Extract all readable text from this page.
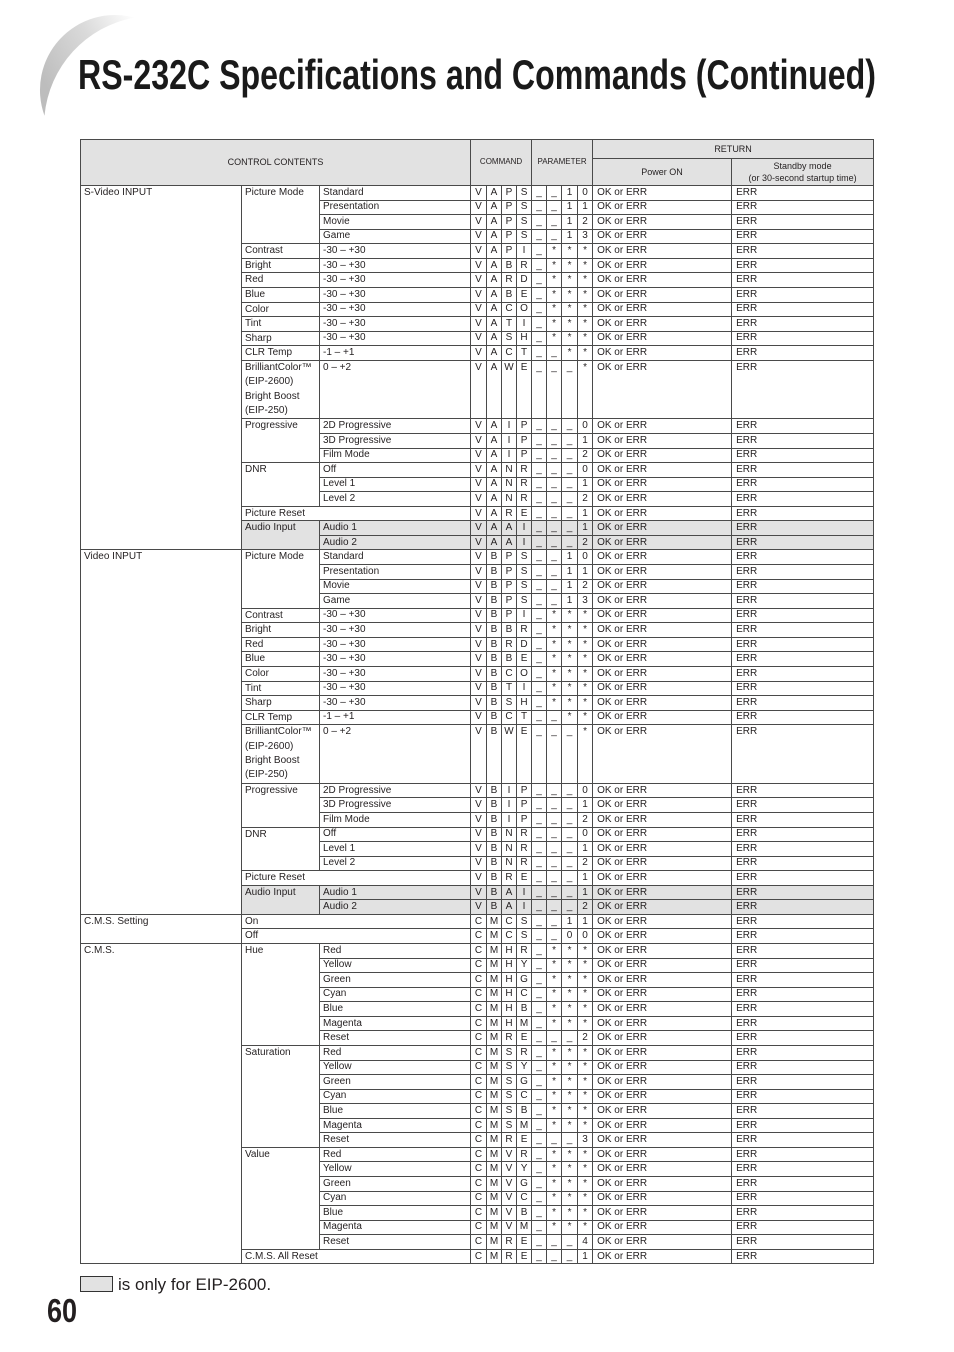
RS-232C Specifications and Commands (Continued)
CONTROL CONTENTS			COMMAND				PARAMETER				RETURN	
											Power ON	Standby mode
(or 30-second startup time)

S-Video INPUT	Picture Mode	Standard	V	A	P	S	_	_	1	0	OK or ERR	ERR
		Presentation	V	A	P	S	_	_	1	1	OK or ERR	ERR
		Movie	V	A	P	S	_	_	1	2	OK or ERR	ERR
		Game	V	A	P	S	_	_	1	3	OK or ERR	ERR
	Contrast	-30 – +30	V	A	P	I	_	*	*	*	OK or ERR	ERR
	Bright	-30 – +30	V	A	B	R	_	*	*	*	OK or ERR	ERR
	Red	-30 – +30	V	A	R	D	_	*	*	*	OK or ERR	ERR
	Blue	-30 – +30	V	A	B	E	_	*	*	*	OK or ERR	ERR
	Color	-30 – +30	V	A	C	O	_	*	*	*	OK or ERR	ERR
	Tint	-30 – +30	V	A	T	I	_	*	*	*	OK or ERR	ERR
	Sharp	-30 – +30	V	A	S	H	_	*	*	*	OK or ERR	ERR
	CLR Temp	-1 – +1	V	A	C	T	_	_	*	*	OK or ERR	ERR

	BrilliantColor™
(EIP-2600)
Bright Boost
(EIP-250)	0 – +2	V	A	W	E	_	_	_	*	OK or ERR	ERR
	Progressive	2D Progressive	V	A	I	P	_	_	_	0	OK or ERR	ERR
		3D Progressive	V	A	I	P	_	_	_	1	OK or ERR	ERR
		Film Mode	V	A	I	P	_	_	_	2	OK or ERR	ERR
	DNR	Off	V	A	N	R	_	_	_	0	OK or ERR	ERR
		Level 1	V	A	N	R	_	_	_	1	OK or ERR	ERR
		Level 2	V	A	N	R	_	_	_	2	OK or ERR	ERR
	Picture Reset		V	A	R	E	_	_	_	1	OK or ERR	ERR
	Audio Input	Audio 1	V	A	A	I	_	_	_	1	OK or ERR	ERR
		Audio 2	V	A	A	I	_	_	_	2	OK or ERR	ERR
Video INPUT	Picture Mode	Standard	V	B	P	S	_	_	1	0	OK or ERR	ERR
		Presentation	V	B	P	S	_	_	1	1	OK or ERR	ERR
		Movie	V	B	P	S	_	_	1	2	OK or ERR	ERR
		Game	V	B	P	S	_	_	1	3	OK or ERR	ERR
	Contrast	-30 – +30	V	B	P	I	_	*	*	*	OK or ERR	ERR
	Bright	-30 – +30	V	B	B	R	_	*	*	*	OK or ERR	ERR
	Red	-30 – +30	V	B	R	D	_	*	*	*	OK or ERR	ERR
	Blue	-30 – +30	V	B	B	E	_	*	*	*	OK or ERR	ERR
	Color	-30 – +30	V	B	C	O	_	*	*	*	OK or ERR	ERR
	Tint	-30 – +30	V	B	T	I	_	*	*	*	OK or ERR	ERR
	Sharp	-30 – +30	V	B	S	H	_	*	*	*	OK or ERR	ERR
	CLR Temp	-1 – +1	V	B	C	T	_	_	*	*	OK or ERR	ERR

	BrilliantColor™
(EIP-2600)
Bright Boost
(EIP-250)	0 – +2	V	B	W	E	_	_	_	*	OK or ERR	ERR
	Progressive	2D Progressive	V	B	I	P	_	_	_	0	OK or ERR	ERR
		3D Progressive	V	B	I	P	_	_	_	1	OK or ERR	ERR
		Film Mode	V	B	I	P	_	_	_	2	OK or ERR	ERR
	DNR	Off	V	B	N	R	_	_	_	0	OK or ERR	ERR
		Level 1	V	B	N	R	_	_	_	1	OK or ERR	ERR
		Level 2	V	B	N	R	_	_	_	2	OK or ERR	ERR
	Picture Reset		V	B	R	E	_	_	_	1	OK or ERR	ERR
	Audio Input	Audio 1	V	B	A	I	_	_	_	1	OK or ERR	ERR
		Audio 2	V	B	A	I	_	_	_	2	OK or ERR	ERR
C.M.S. Setting	On		C	M	C	S	_	_	1	1	OK or ERR	ERR
	Off		C	M	C	S	_	_	0	0	OK or ERR	ERR
C.M.S.	Hue	Red	C	M	H	R	_	*	*	*	OK or ERR	ERR
		Yellow	C	M	H	Y	_	*	*	*	OK or ERR	ERR
		Green	C	M	H	G	_	*	*	*	OK or ERR	ERR
		Cyan	C	M	H	C	_	*	*	*	OK or ERR	ERR
		Blue	C	M	H	B	_	*	*	*	OK or ERR	ERR
		Magenta	C	M	H	M	_	*	*	*	OK or ERR	ERR
		Reset	C	M	R	E	_	_	_	2	OK or ERR	ERR
	Saturation	Red	C	M	S	R	_	*	*	*	OK or ERR	ERR
		Yellow	C	M	S	Y	_	*	*	*	OK or ERR	ERR
		Green	C	M	S	G	_	*	*	*	OK or ERR	ERR
		Cyan	C	M	S	C	_	*	*	*	OK or ERR	ERR
		Blue	C	M	S	B	_	*	*	*	OK or ERR	ERR
		Magenta	C	M	S	M	_	*	*	*	OK or ERR	ERR
		Reset	C	M	R	E	_	_	_	3	OK or ERR	ERR
	Value	Red	C	M	V	R	_	*	*	*	OK or ERR	ERR
		Yellow	C	M	V	Y	_	*	*	*	OK or ERR	ERR
		Green	C	M	V	G	_	*	*	*	OK or ERR	ERR
		Cyan	C	M	V	C	_	*	*	*	OK or ERR	ERR
		Blue	C	M	V	B	_	*	*	*	OK or ERR	ERR
		Magenta	C	M	V	M	_	*	*	*	OK or ERR	ERR
		Reset	C	M	R	E	_	_	_	4	OK or ERR	ERR
	C.M.S. All Reset		C	M	R	E	_	_	_	1	OK or ERR	ERR
is only for EIP-2600.
60
